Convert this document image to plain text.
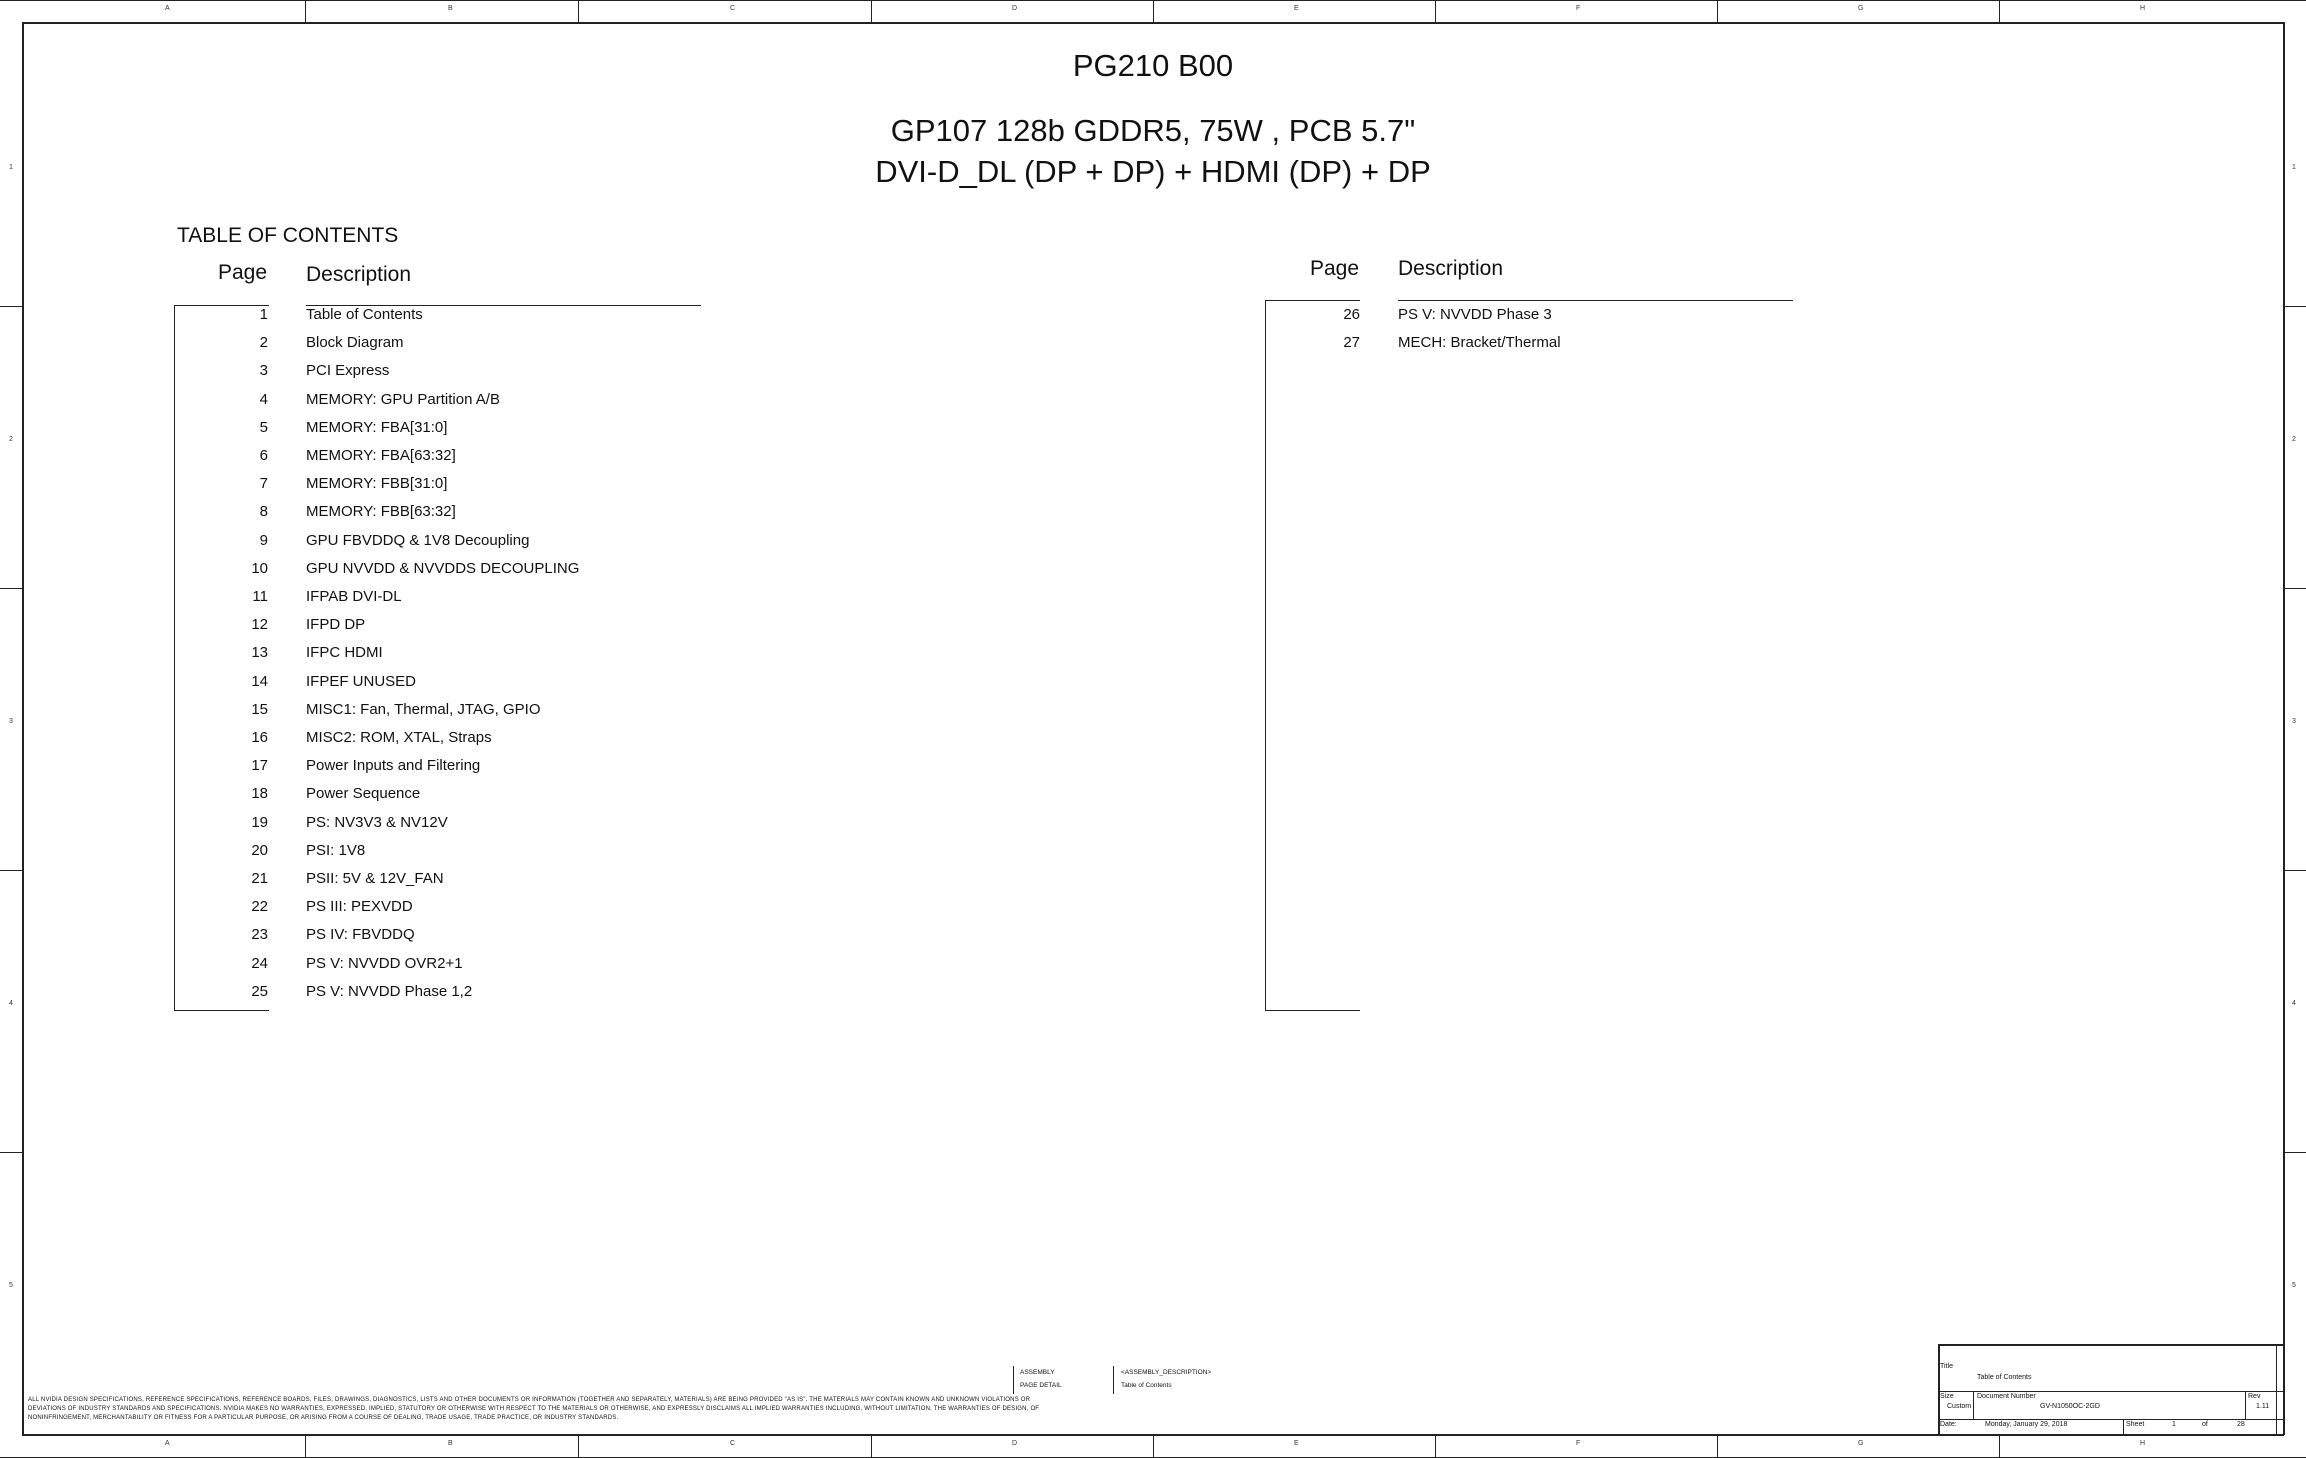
A	B	C	D	E	F	G	H
A	B	C	D	E	F	G	H
1
2
3
4
5
1
2
3
4
5
PG210 B00
GP107 128b GDDR5, 75W , PCB 5.7"
DVI-D_DL (DP + DP) + HDMI (DP) + DP
TABLE OF CONTENTS
Page Description
1	Table of Contents
2	Block Diagram
3	PCI Express
4	MEMORY: GPU Partition A/B
5	MEMORY: FBA[31:0]
6	MEMORY: FBA[63:32]
7	MEMORY: FBB[31:0]
8	MEMORY: FBB[63:32]
9	GPU FBVDDQ & 1V8 Decoupling
10	GPU NVVDD & NVVDDS DECOUPLING
11	IFPAB DVI-DL
12	IFPD DP
13	IFPC HDMI
14	IFPEF UNUSED
15	MISC1: Fan, Thermal, JTAG, GPIO
16	MISC2: ROM, XTAL, Straps
17	Power Inputs and Filtering
18	Power Sequence
19	PS: NV3V3 & NV12V
20	PSI: 1V8
21	PSII: 5V & 12V_FAN
22	PS III: PEXVDD
23	PS IV: FBVDDQ
24	PS V: NVVDD OVR2+1
25	PS V: NVVDD Phase 1,2
Page Description
26	PS V: NVVDD Phase 3
27	MECH: Bracket/Thermal
ALL NVIDIA DESIGN SPECIFICATIONS, REFERENCE SPECIFICATIONS, REFERENCE BOARDS, FILES, DRAWINGS, DIAGNOSTICS, LISTS AND OTHER DOCUMENTS OR INFORMATION (TOGETHER AND SEPARATELY, MATERIALS) ARE BEING PROVIDED "AS IS". THE MATERIALS MAY CONTAIN KNOWN AND UNKNOWN VIOLATIONS OR DEVIATIONS OF INDUSTRY STANDARDS AND SPECIFICATIONS. NVIDIA MAKES NO WARRANTIES, EXPRESSED, IMPLIED, STATUTORY OR OTHERWISE WITH RESPECT TO THE MATERIALS OR OTHERWISE, AND EXPRESSLY DISCLAIMS ALL IMPLIED WARRANTIES INCLUDING, WITHOUT LIMITATION, THE WARRANTIES OF DESIGN, OF NONINFRINGEMENT, MERCHANTABILITY OR FITNESS FOR A PARTICULAR PURPOSE, OR ARISING FROM A COURSE OF DEALING, TRADE USAGE, TRADE PRACTICE, OR INDUSTRY STANDARDS.
ASSEMBLY
PAGE DETAIL
<ASSEMBLY_DESCRIPTION>
Table of Contents
Title
Table of Contents
Size
Custom
Document Number
GV-N1050OC-2GD
Rev
1.11
Date:	Monday, January 29, 2018	Sheet	1	of	28
